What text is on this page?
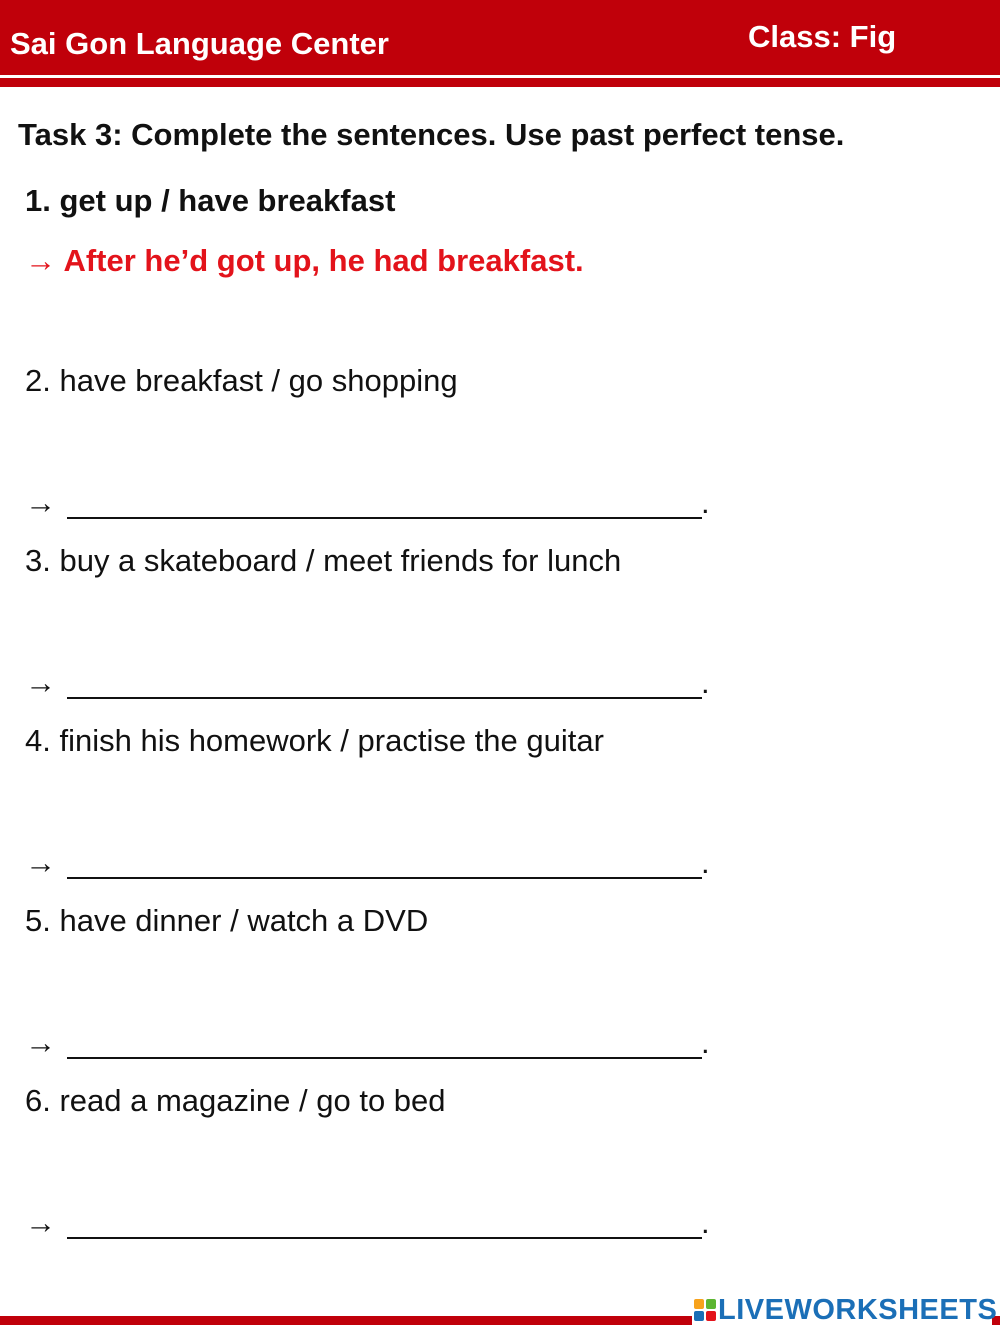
Sai Gon Language Center	Class: Fig
Task 3: Complete the sentences. Use past perfect tense.
1. get up / have breakfast
→ After he’d got up, he had breakfast.
2. have breakfast / go shopping
→	.
3. buy a skateboard / meet friends for lunch
→	.
4. finish his homework / practise the guitar
→	.
5. have dinner / watch a DVD
→	.
6. read a magazine / go to bed
→	.
LIVEWORKSHEETS
